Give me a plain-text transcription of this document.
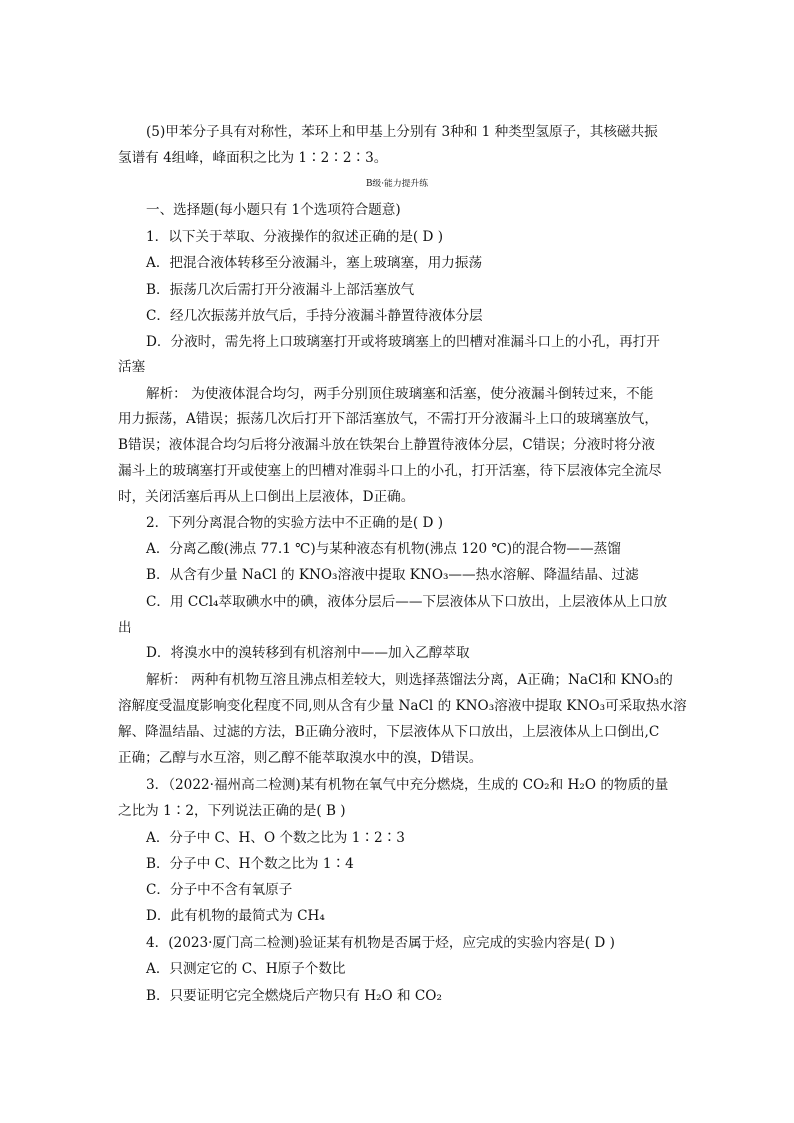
(5)甲苯分子具有对称性，苯环上和甲基上分别有 3种和 1 种类型氢原子，其核磁共振
氢谱有 4组峰，峰面积之比为 1∶2∶2∶3。
B级·能力提升练
一、选择题(每小题只有 1个选项符合题意)
1．以下关于萃取、分液操作的叙述正确的是( D )
A．把混合液体转移至分液漏斗，塞上玻璃塞，用力振荡
B．振荡几次后需打开分液漏斗上部活塞放气
C．经几次振荡并放气后，手持分液漏斗静置待液体分层
D．分液时，需先将上口玻璃塞打开或将玻璃塞上的凹槽对准漏斗口上的小孔，再打开
活塞
解析： 为使液体混合均匀，两手分别顶住玻璃塞和活塞，使分液漏斗倒转过来，不能
用力振荡，A错误；振荡几次后打开下部活塞放气，不需打开分液漏斗上口的玻璃塞放气，
B错误；液体混合均匀后将分液漏斗放在铁架台上静置待液体分层，C错误；分液时将分液
漏斗上的玻璃塞打开或使塞上的凹槽对准弱斗口上的小孔，打开活塞，待下层液体完全流尽
时，关闭活塞后再从上口倒出上层液体，D正确。
2．下列分离混合物的实验方法中不正确的是( D )
A．分离乙酸(沸点 77.1 ℃)与某种液态有机物(沸点 120 ℃)的混合物——蒸馏
B．从含有少量 NaCl 的 KNO₃溶液中提取 KNO₃——热水溶解、降温结晶、过滤
C．用 CCl₄萃取碘水中的碘，液体分层后——下层液体从下口放出，上层液体从上口放
出
D．将溴水中的溴转移到有机溶剂中——加入乙醇萃取
解析： 两种有机物互溶且沸点相差较大，则选择蒸馏法分离，A正确；NaCl和 KNO₃的
溶解度受温度影响变化程度不同,则从含有少量 NaCl 的 KNO₃溶液中提取 KNO₃可采取热水溶
解、降温结晶、过滤的方法，B正确分液时，下层液体从下口放出，上层液体从上口倒出,C
正确；乙醇与水互溶，则乙醇不能萃取溴水中的溴，D错误。
3．（2022·福州高二检测)某有机物在氧气中充分燃烧，生成的 CO₂和 H₂O 的物质的量
之比为 1∶2，下列说法正确的是( B )
A．分子中 C、H、O 个数之比为 1∶2∶3
B．分子中 C、H个数之比为 1∶4
C．分子中不含有氧原子
D．此有机物的最简式为 CH₄
4．(2023·厦门高二检测)验证某有机物是否属于烃，应完成的实验内容是( D )
A．只测定它的 C、H原子个数比
B．只要证明它完全燃烧后产物只有 H₂O 和 CO₂
